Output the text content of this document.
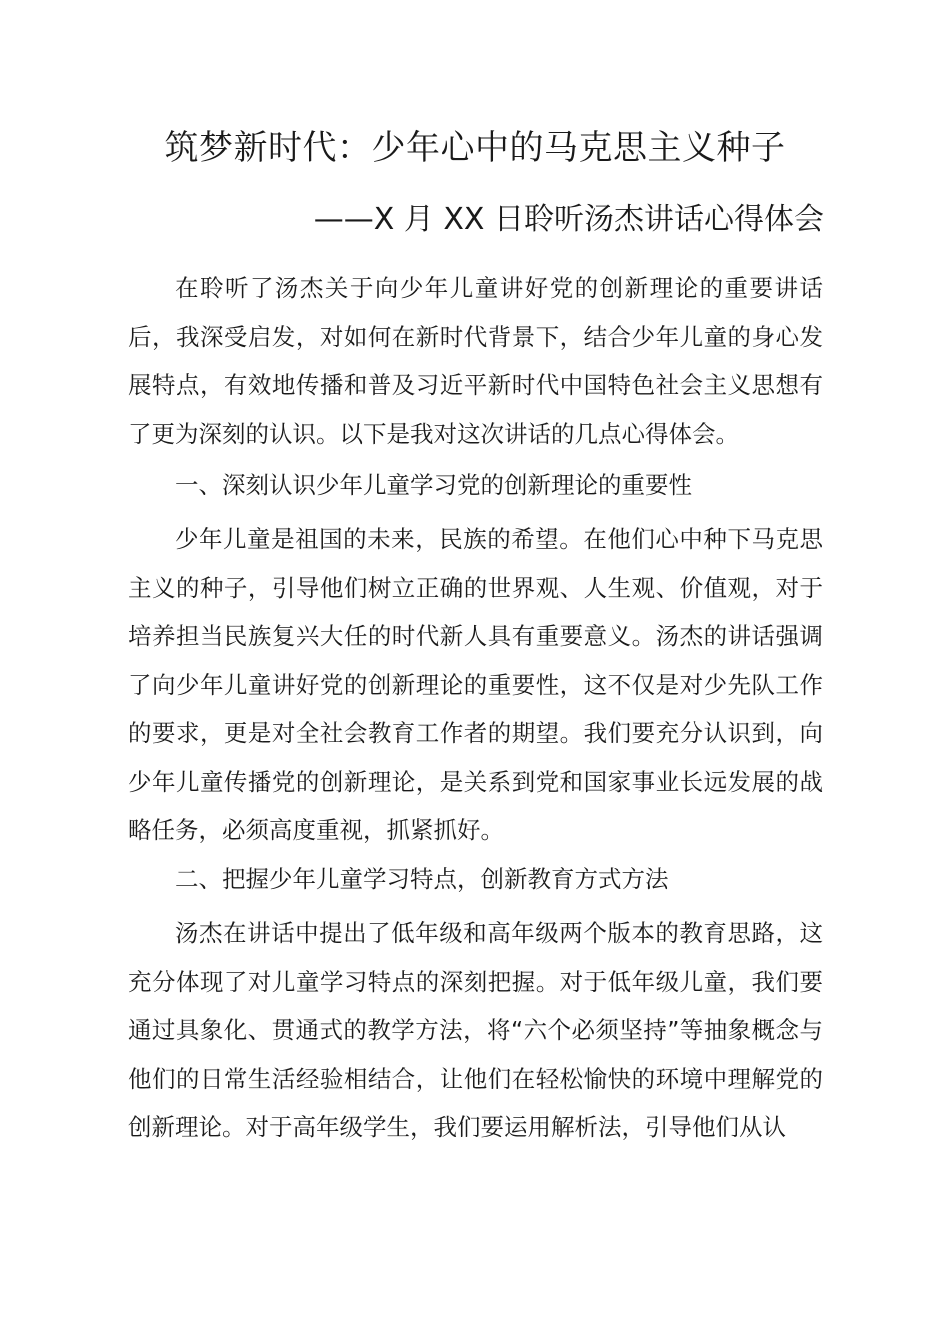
筑梦新时代：少年心中的马克思主义种子
——X 月 XX 日聆听汤杰讲话心得体会

在聆听了汤杰关于向少年儿童讲好党的创新理论的重要讲话后，我深受启发，对如何在新时代背景下，结合少年儿童的身心发展特点，有效地传播和普及习近平新时代中国特色社会主义思想有了更为深刻的认识。以下是我对这次讲话的几点心得体会。

一、深刻认识少年儿童学习党的创新理论的重要性

少年儿童是祖国的未来，民族的希望。在他们心中种下马克思主义的种子，引导他们树立正确的世界观、人生观、价值观，对于培养担当民族复兴大任的时代新人具有重要意义。汤杰的讲话强调了向少年儿童讲好党的创新理论的重要性，这不仅是对少先队工作的要求，更是对全社会教育工作者的期望。我们要充分认识到，向少年儿童传播党的创新理论，是关系到党和国家事业长远发展的战略任务，必须高度重视，抓紧抓好。

二、把握少年儿童学习特点，创新教育方式方法

汤杰在讲话中提出了低年级和高年级两个版本的教育思路，这充分体现了对儿童学习特点的深刻把握。对于低年级儿童，我们要通过具象化、贯通式的教学方法，将“六个必须坚持”等抽象概念与他们的日常生活经验相结合，让他们在轻松愉快的环境中理解党的创新理论。对于高年级学生，我们要运用解析法，引导他们从认
